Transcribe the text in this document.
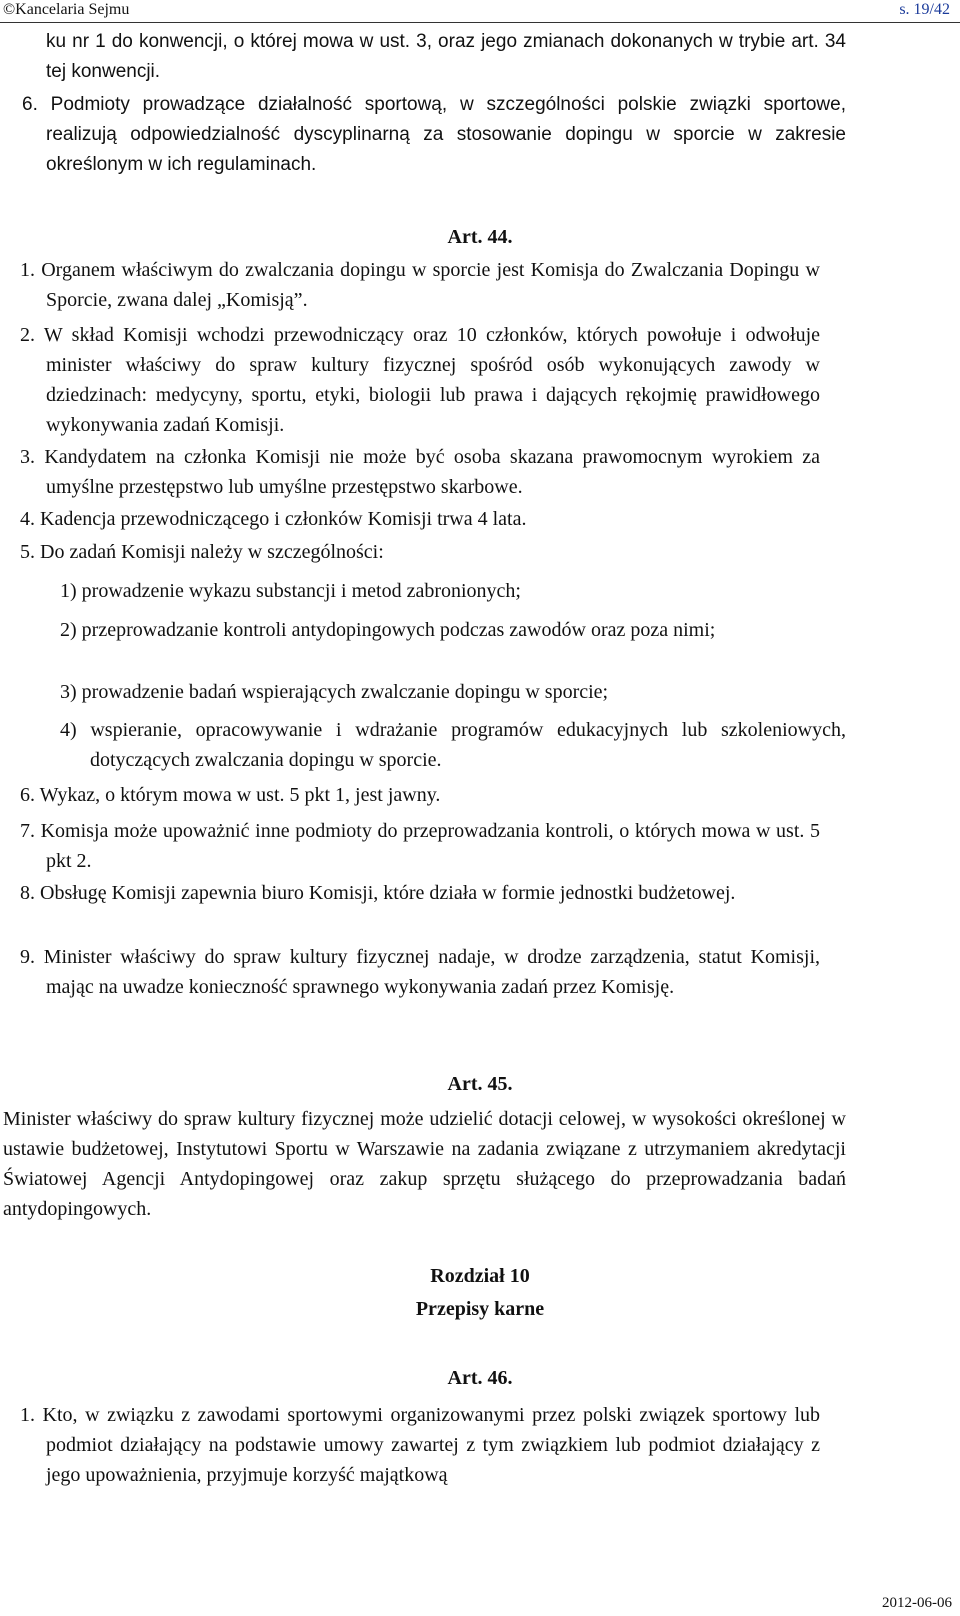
©Kancelaria Sejmu	s. 19/42
ku nr 1 do konwencji, o której mowa w ust. 3, oraz jego zmianach dokonanych w trybie art. 34 tej konwencji.
6. Podmioty prowadzące działalność sportową, w szczególności polskie związki sportowe, realizują odpowiedzialność dyscyplinarną za stosowanie dopingu w sporcie w zakresie określonym w ich regulaminach.
Art. 44.
1. Organem właściwym do zwalczania dopingu w sporcie jest Komisja do Zwalczania Dopingu w Sporcie, zwana dalej „Komisją”.
2. W skład Komisji wchodzi przewodniczący oraz 10 członków, których powołuje i odwołuje minister właściwy do spraw kultury fizycznej spośród osób wykonujących zawody w dziedzinach: medycyny, sportu, etyki, biologii lub prawa i dających rękojmię prawidłowego wykonywania zadań Komisji.
3. Kandydatem na członka Komisji nie może być osoba skazana prawomocnym wyrokiem za umyślne przestępstwo lub umyślne przestępstwo skarbowe.
4. Kadencja przewodniczącego i członków Komisji trwa 4 lata.
5. Do zadań Komisji należy w szczególności:
1) prowadzenie wykazu substancji i metod zabronionych;
2) przeprowadzanie kontroli antydopingowych podczas zawodów oraz poza nimi;
3) prowadzenie badań wspierających zwalczanie dopingu w sporcie;
4) wspieranie, opracowywanie i wdrażanie programów edukacyjnych lub szkoleniowych, dotyczących zwalczania dopingu w sporcie.
6. Wykaz, o którym mowa w ust. 5 pkt 1, jest jawny.
7. Komisja może upoważnić inne podmioty do przeprowadzania kontroli, o których mowa w ust. 5 pkt 2.
8. Obsługę Komisji zapewnia biuro Komisji, które działa w formie jednostki budżetowej.
9. Minister właściwy do spraw kultury fizycznej nadaje, w drodze zarządzenia, statut Komisji, mając na uwadze konieczność sprawnego wykonywania zadań przez Komisję.
Art. 45.
Minister właściwy do spraw kultury fizycznej może udzielić dotacji celowej, w wysokości określonej w ustawie budżetowej, Instytutowi Sportu w Warszawie na zadania związane z utrzymaniem akredytacji Światowej Agencji Antydopingowej oraz zakup sprzętu służącego do przeprowadzania badań antydopingowych.
Rozdział 10
Przepisy karne
Art. 46.
1. Kto, w związku z zawodami sportowymi organizowanymi przez polski związek sportowy lub podmiot działający na podstawie umowy zawartej z tym związkiem lub podmiot działający z jego upoważnienia, przyjmuje korzyść majątkową
2012-06-06
